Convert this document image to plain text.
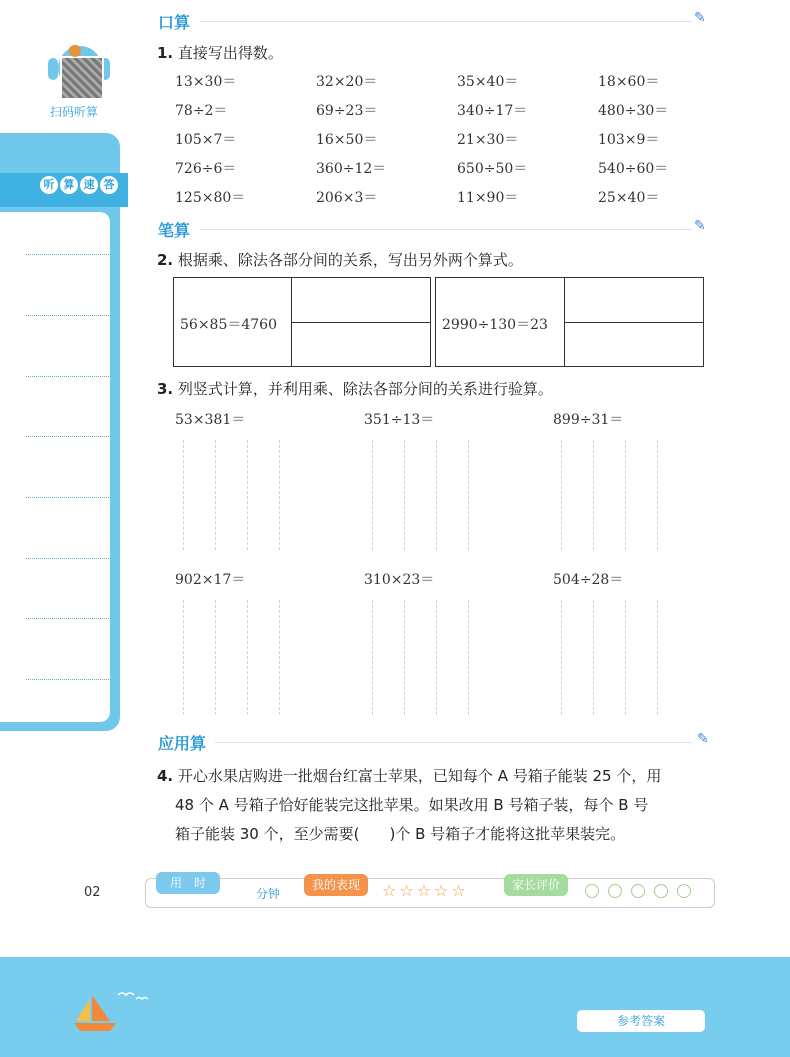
●
扫码听算
听 算 速 答
口算	✎
1. 直接写出得数。
13×30＝	32×20＝	35×40＝	18×60＝
78÷2＝	69÷23＝	340÷17＝	480÷30＝
105×7＝	16×50＝	21×30＝	103×9＝
726÷6＝	360÷12＝	650÷50＝	540÷60＝
125×80＝	206×3＝	11×90＝	25×40＝
笔算	✎
2. 根据乘、除法各部分间的关系，写出另外两个算式。
56×85＝4760	2990÷130＝23
3. 列竖式计算，并利用乘、除法各部分间的关系进行验算。
53×381＝	351÷13＝	899÷31＝
902×17＝	310×23＝	504÷28＝
应用算	✎
4. 开心水果店购进一批烟台红富士苹果，已知每个 A 号箱子能装 25 个，用
48 个 A 号箱子恰好能装完这批苹果。如果改用 B 号箱子装，每个 B 号
箱子能装 30 个，至少需要(　　)个 B 号箱子才能将这批苹果装完。
02
用　时
分钟
我的表现	☆☆☆☆☆	家长评价
参考答案
